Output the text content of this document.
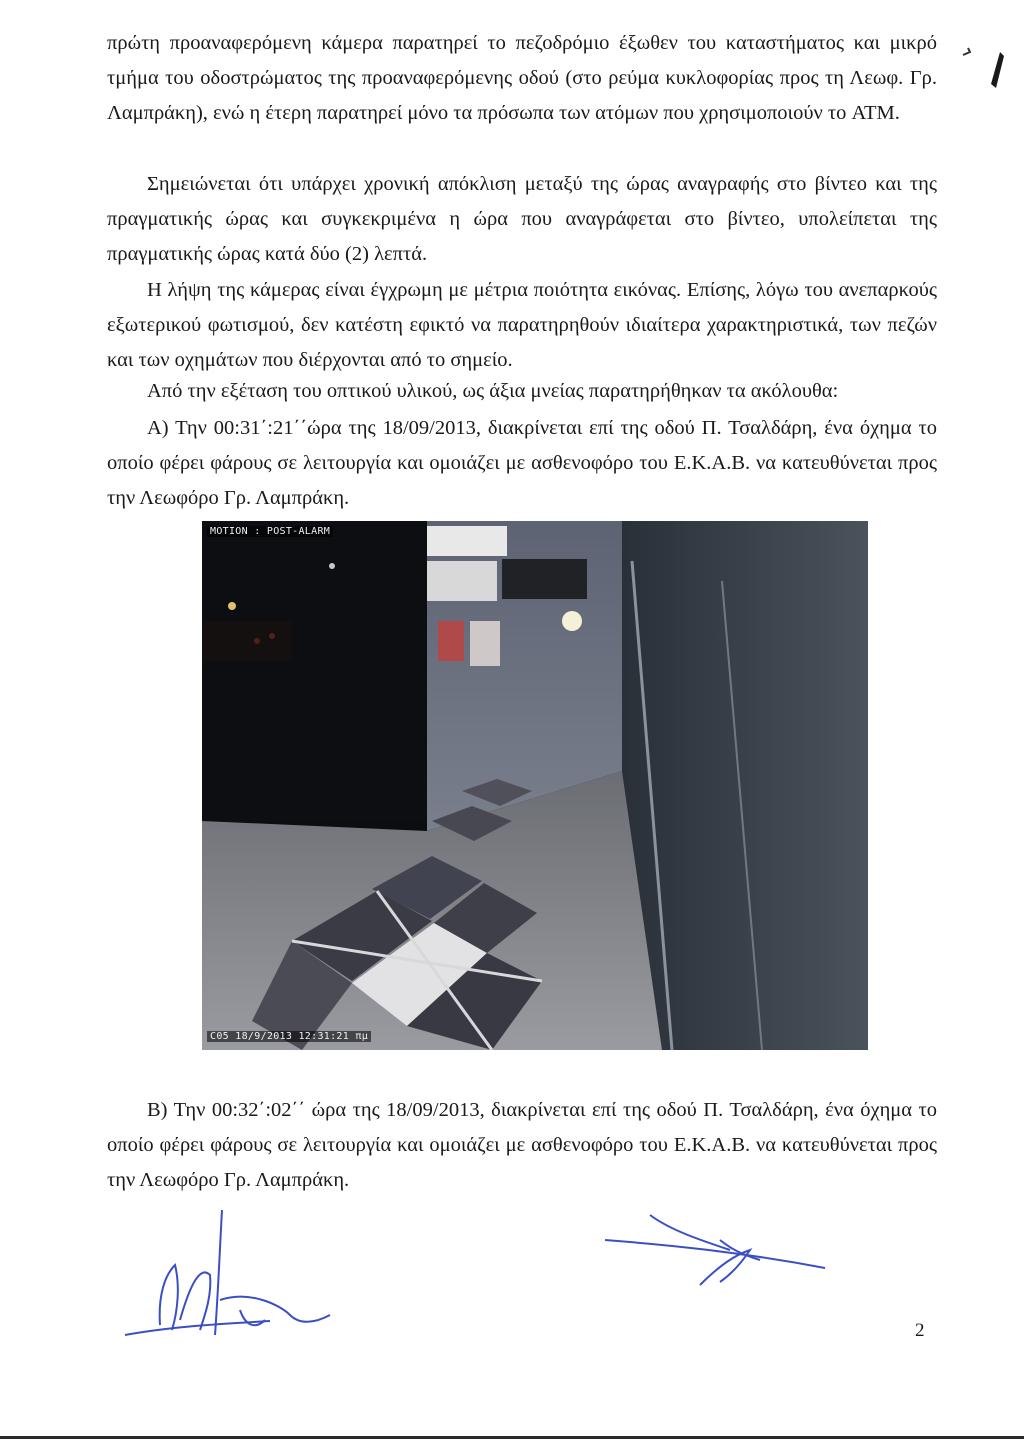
πρώτη προαναφερόμενη κάμερα παρατηρεί το πεζοδρόμιο έξωθεν του καταστήματος και μικρό τμήμα του οδοστρώματος της προαναφερόμενης οδού (στο ρεύμα κυκλοφορίας προς τη Λεωφ. Γρ. Λαμπράκη), ενώ η έτερη παρατηρεί μόνο τα πρόσωπα των ατόμων που χρησιμοποιούν το ATM.

Σημειώνεται ότι υπάρχει χρονική απόκλιση μεταξύ της ώρας αναγραφής στο βίντεο και της πραγματικής ώρας και συγκεκριμένα η ώρα που αναγράφεται στο βίντεο, υπολείπεται της πραγματικής ώρας κατά δύο (2) λεπτά.

Η λήψη της κάμερας είναι έγχρωμη με μέτρια ποιότητα εικόνας. Επίσης, λόγω του ανεπαρκούς εξωτερικού φωτισμού, δεν κατέστη εφικτό να παρατηρηθούν ιδιαίτερα χαρακτηριστικά, των πεζών και των οχημάτων που διέρχονται από το σημείο.

Από την εξέταση του οπτικού υλικού, ως άξια μνείας παρατηρήθηκαν τα ακόλουθα:

Α) Την 00:31΄:21΄΄ώρα της 18/09/2013, διακρίνεται επί της οδού Π. Τσαλδάρη, ένα όχημα το οποίο φέρει φάρους σε λειτουργία και ομοιάζει με ασθενοφόρο του Ε.Κ.Α.Β. να κατευθύνεται προς την Λεωφόρο Γρ. Λαμπράκη.

MOTION : POST-ALARM
C05 18/9/2013 12:31:21 πμ

Β) Την 00:32΄:02΄΄ ώρα της 18/09/2013, διακρίνεται επί της οδού Π. Τσαλδάρη, ένα όχημα το οποίο φέρει φάρους σε λειτουργία και ομοιάζει με ασθενοφόρο του Ε.Κ.Α.Β. να κατευθύνεται προς την Λεωφόρο Γρ. Λαμπράκη.

2
